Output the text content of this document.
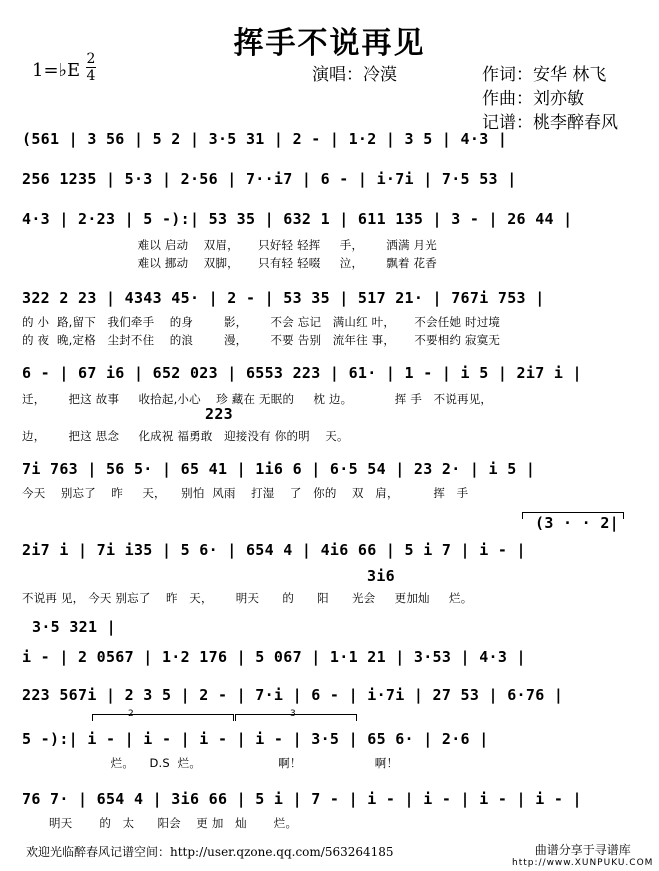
挥手不说再见
1=♭E
2
4	演唱：冷漠	作词：安华 林飞
作曲：刘亦敏
记谱：桃李醉春风
(561 | 3 56 | 5 2 | 3·5 31 | 2 - | 1·2 | 3 5 | 4·3 |
256 1235 | 5·3 | 2·56 | 7··i7 | 6 - | i·7i | 7·5 53 |
4·3 | 2·23 | 5 -):| 53 35 | 632 1 | 611 135 | 3 - | 26 44 |
难以 启动    双眉，     只好轻 轻挥     手，      洒满 月光
难以 挪动    双脚，     只有轻 轻啜     泣，      飘着 花香
322 2 23 | 4343 45· | 2 - | 53 35 | 517 21· | 767i 753 |
的 小  路,留下   我们牵手    的身        影，      不会 忘记   满山红 叶，     不会任她 时过境
的 夜  晚,定格   尘封不住    的浪        漫，      不要 告别   流年往 事，     不要相约 寂寞无
6 - | 67 i6 | 652 023 | 6553 223 | 61· | 1 - | i 5 | 2i7 i |
迁，      把这 故事     收拾起,小心    珍 藏在 无眠的     枕 边。           挥 手   不说再见，
223
边，      把这 思念     化成祝 福勇敢   迎接没有 你的明    天。
7i 763 | 56 5· | 65 41 | 1i6 6 | 6·5 54 | 23 2· | i 5 |
今天    别忘了    昨     天，    别怕  风雨    打湿    了   你的    双   肩，         挥   手
(3 · · 2|
2i7 i | 7i i35 | 5 6· | 654 4 | 4i6 66 | 5 i 7 | i - |
3i6
不说再 见， 今天 别忘了    昨   天，      明天      的      阳      光会     更加灿     烂。
3·5 321 |
i - | 2 0567 | 1·2 176 | 5 067 | 1·1 21 | 3·53 | 4·3 |
223 567i | 2 3 5 | 2 - | 7·i | 6 - | i·7i | 27 53 | 6·76 |
2	3
5 -):| i - | i - | i - | i - | 3·5 | 65 6· | 2·6 |
烂。    D.S  烂。                    啊！                   啊！
76 7· | 654 4 | 3i6 66 | 5 i | 7 - | i - | i - | i - | i - |
明天       的   太      阳会    更 加   灿       烂。
欢迎光临醉春风记谱空间：http://user.qzone.qq.com/563264185	曲谱分享于寻谱库
http://www.XUNPUKU.COM
